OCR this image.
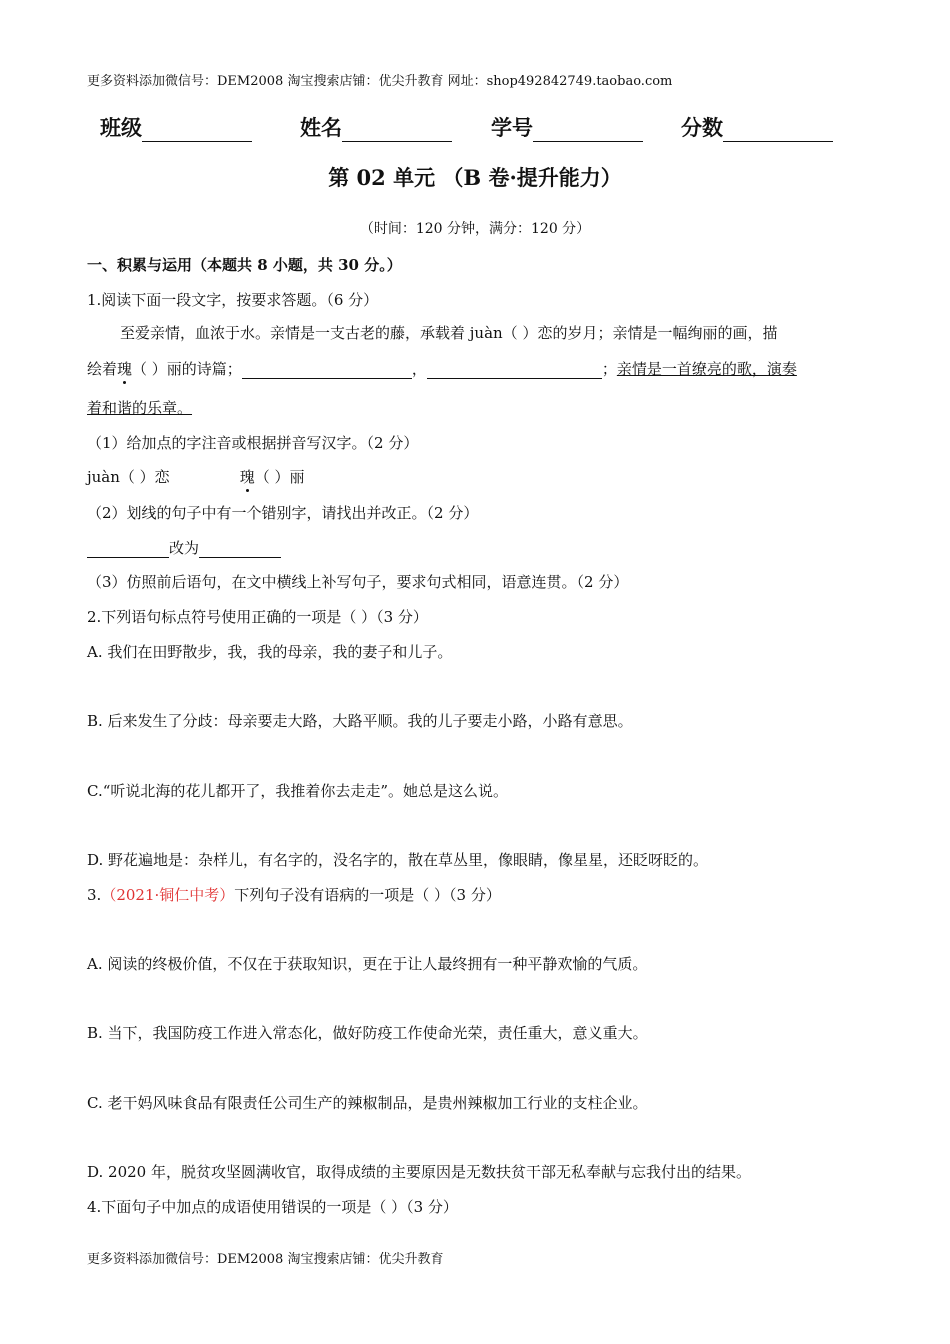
更多资料添加微信号：DEM2008 淘宝搜索店铺：优尖升教育 网址：shop492842749.taobao.com
班级	姓名	学号	分数
第 02 单元 （B 卷·提升能力）
（时间：120 分钟，满分：120 分）
一、积累与运用（本题共 8 小题，共 30 分。）
1.阅读下面一段文字，按要求答题。（6 分）
至爱亲情，血浓于水。亲情是一支古老的藤，承载着 juàn（ ）恋的岁月；亲情是一幅绚丽的画，描
绘着瑰（ ）丽的诗篇；	，	；亲情是一首缭亮的歌，演奏
着和谐的乐章。
（1）给加点的字注音或根据拼音写汉字。（2 分）
juàn（ ）恋	瑰（ ）丽
（2）划线的句子中有一个错别字，请找出并改正。（2 分）
改为
（3）仿照前后语句，在文中横线上补写句子，要求句式相同，语意连贯。（2 分）
2.下列语句标点符号使用正确的一项是（ ）（3 分）
A. 我们在田野散步，我，我的母亲，我的妻子和儿子。
B. 后来发生了分歧：母亲要走大路，大路平顺。我的儿子要走小路，小路有意思。
C.“听说北海的花儿都开了，我推着你去走走”。她总是这么说。
D. 野花遍地是：杂样儿，有名字的，没名字的，散在草丛里，像眼睛，像星星，还眨呀眨的。
3.（2021·铜仁中考）下列句子没有语病的一项是（ ）（3 分）
A. 阅读的终极价值，不仅在于获取知识，更在于让人最终拥有一种平静欢愉的气质。
B. 当下，我国防疫工作进入常态化，做好防疫工作使命光荣，责任重大，意义重大。
C. 老干妈风味食品有限责任公司生产的辣椒制品，是贵州辣椒加工行业的支柱企业。
D. 2020 年，脱贫攻坚圆满收官，取得成绩的主要原因是无数扶贫干部无私奉献与忘我付出的结果。
4.下面句子中加点的成语使用错误的一项是（ ）（3 分）
更多资料添加微信号：DEM2008 淘宝搜索店铺：优尖升教育
